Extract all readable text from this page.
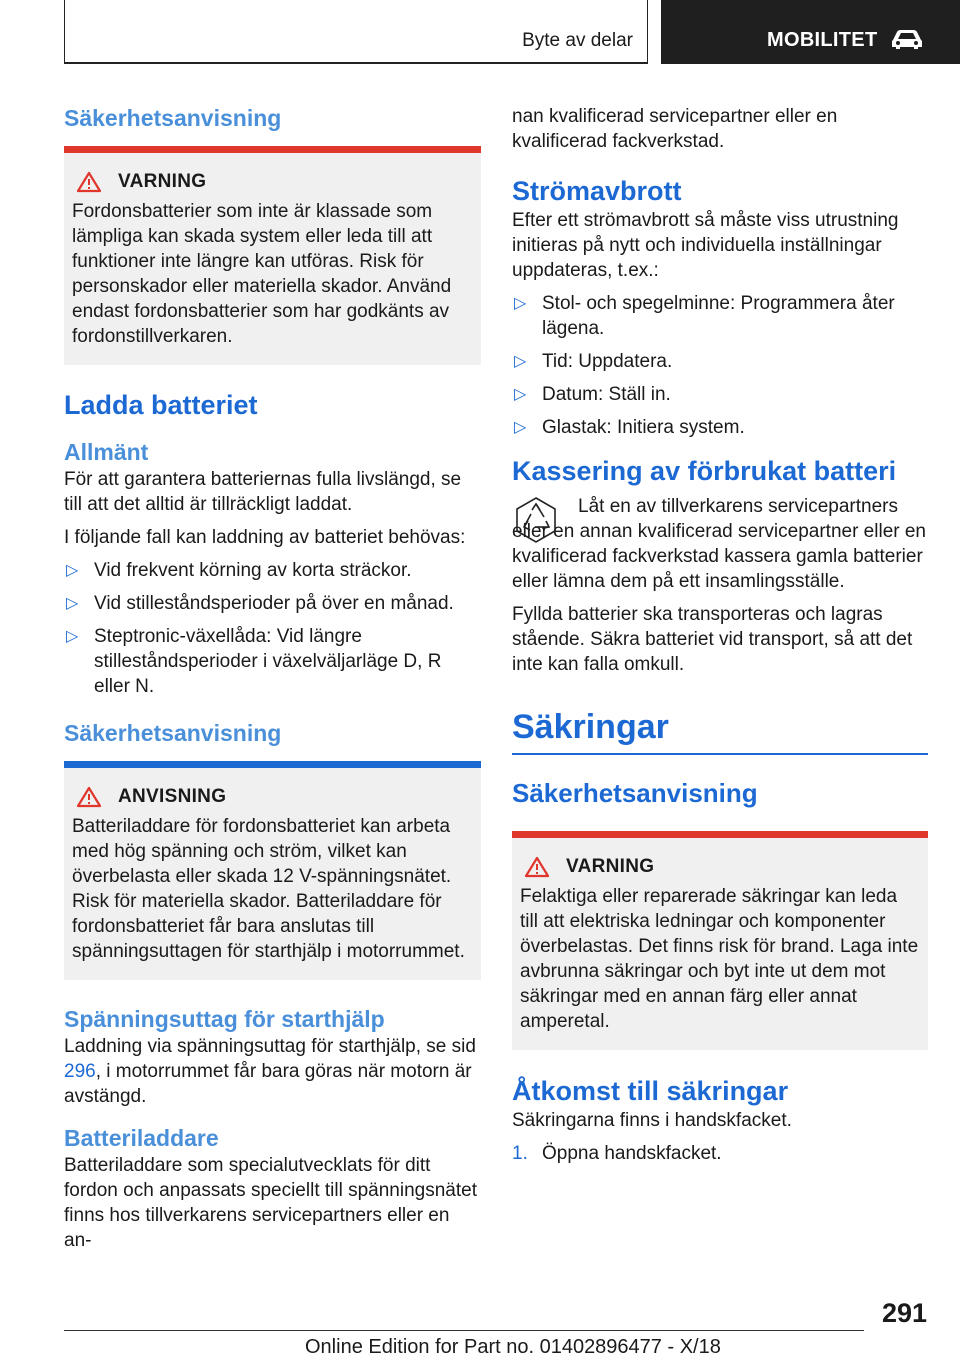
Byte av delar	MOBILITET
Säkerhetsanvisning
VARNING

Fordonsbatterier som inte är klassade som lämpliga kan skada system eller leda till att funktioner inte längre kan utföras. Risk för personskador eller materiella skador. Använd endast fordonsbatterier som har godkänts av fordonstillverkaren.

Ladda batteriet
Allmänt

För att garantera batteriernas fulla livslängd, se till att det alltid är tillräckligt laddat.

I följande fall kan laddning av batteriet behövas:

▷ Vid frekvent körning av korta sträckor.
▷ Vid stilleståndsperioder på över en månad.
▷ Steptronic-växellåda: Vid längre stilleståndsperioder i växelväljarläge D, R eller N.
Säkerhetsanvisning
ANVISNING

Batteriladdare för fordonsbatteriet kan arbeta med hög spänning och ström, vilket kan överbelasta eller skada 12 V-spänningsnätet. Risk för materiella skador. Batteriladdare för fordonsbatteriet får bara anslutas till spänningsuttagen för starthjälp i motorrummet.

Spänningsuttag för starthjälp

Laddning via spänningsuttag för starthjälp, se sid 296, i motorrummet får bara göras när motorn är avstängd.

Batteriladdare

Batteriladdare som specialutvecklats för ditt fordon och anpassats speciellt till spänningsnätet finns hos tillverkarens servicepartners eller en an-

nan kvalificerad servicepartner eller en kvalificerad fackverkstad.

Strömavbrott

Efter ett strömavbrott så måste viss utrustning initieras på nytt och individuella inställningar uppdateras, t.ex.:

▷ Stol- och spegelminne: Programmera åter lägena.
▷ Tid: Uppdatera.
▷ Datum: Ställ in.
▷ Glastak: Initiera system.
Kassering av förbrukat batteri

Låt en av tillverkarens servicepartners eller en annan kvalificerad servicepartner eller en kvalificerad fackverkstad kassera gamla batterier eller lämna dem på ett insamlingsställe.

Fyllda batterier ska transporteras och lagras stående. Säkra batteriet vid transport, så att det inte kan falla omkull.

Säkringar
Säkerhetsanvisning
VARNING

Felaktiga eller reparerade säkringar kan leda till att elektriska ledningar och komponenter överbelastas. Det finns risk för brand. Laga inte avbrunna säkringar och byt inte ut dem mot säkringar med en annan färg eller annat amperetal.

Åtkomst till säkringar

Säkringarna finns i handskfacket.

1. Öppna handskfacket.
291
Online Edition for Part no. 01402896477 - X/18
